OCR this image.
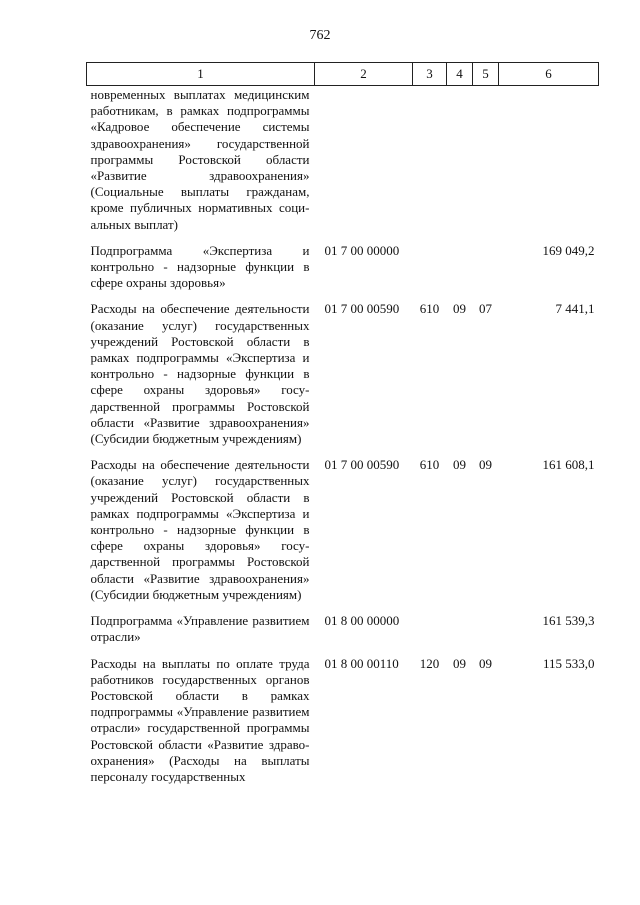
762
1	2	3	4	5	6
новременных выплатах медицинским работникам, в рамках подпрограммы «Кадровое обеспечение системы здравоохранения» государственной программы Ростовской области «Развитие здравоохранения» (Социальные выплаты гражданам, кроме публичных нормативных социальных выплат)					
Подпрограмма «Экспертиза и контрольно - надзорные функции в сфере охраны здоровья»	01 7 00 00000				169 049,2
Расходы на обеспечение деятельности (оказание услуг) государственных учреждений Ростовской области в рамках подпрограммы «Экспертиза и контрольно - надзорные функции в сфере охраны здоровья» государственной программы Ростовской области «Развитие здравоохранения» (Субсидии бюджетным учреждениям)	01 7 00 00590	610	09	07	7 441,1
Расходы на обеспечение деятельности (оказание услуг) государственных учреждений Ростовской области в рамках подпрограммы «Экспертиза и контрольно - надзорные функции в сфере охраны здоровья» государственной программы Ростовской области «Развитие здравоохранения» (Субсидии бюджетным учреждениям)	01 7 00 00590	610	09	09	161 608,1
Подпрограмма «Управление развитием отрасли»	01 8 00 00000				161 539,3
Расходы на выплаты по оплате труда работников государственных органов Ростовской области в рамках подпрограммы «Управление развитием отрасли» государственной программы Ростовской области «Развитие здравоохранения» (Расходы на выплаты персоналу государственных	01 8 00 00110	120	09	09	115 533,0
